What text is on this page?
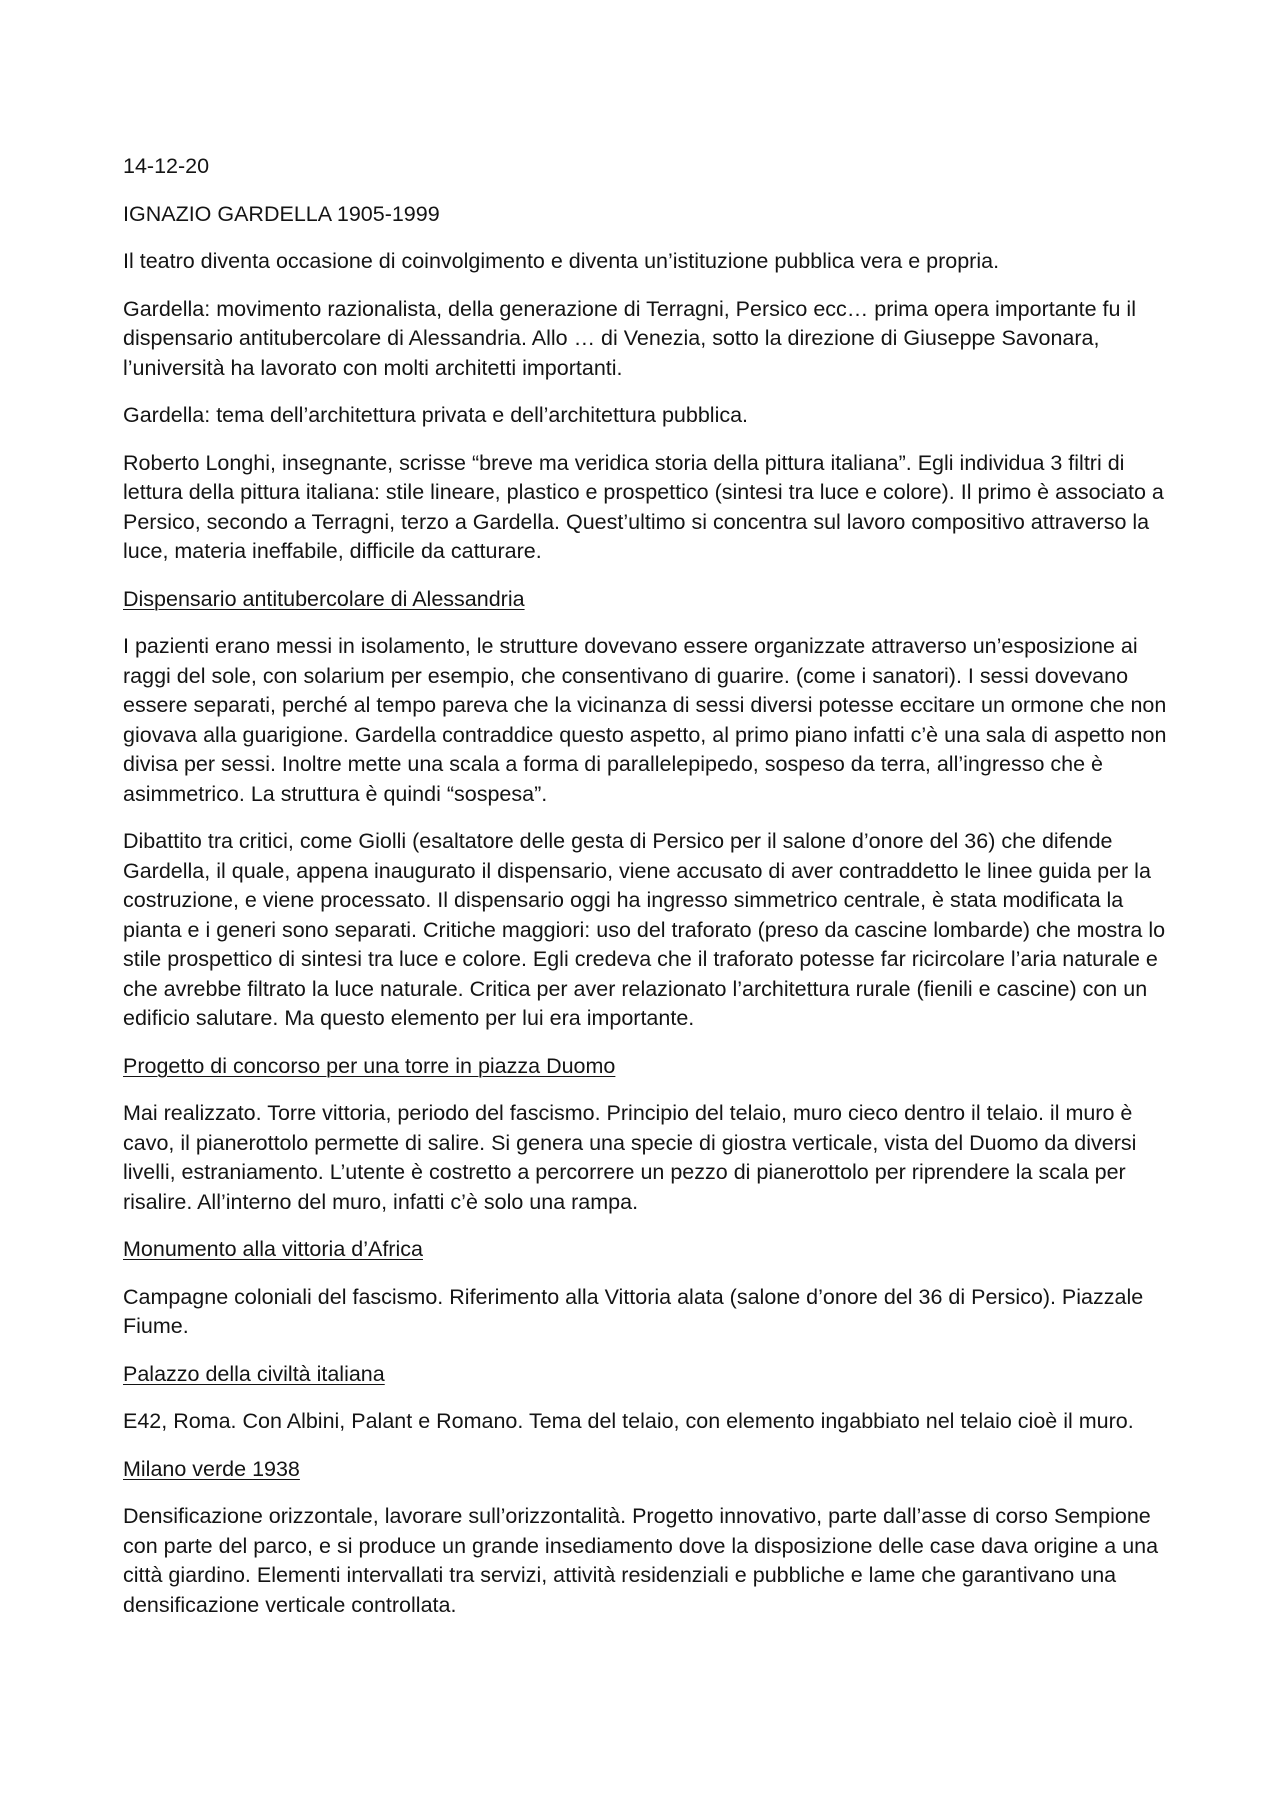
14-12-20

IGNAZIO GARDELLA 1905-1999

Il teatro diventa occasione di coinvolgimento e diventa un’istituzione pubblica vera e propria.

Gardella: movimento razionalista, della generazione di Terragni, Persico ecc… prima opera importante fu il dispensario antitubercolare di Alessandria. Allo … di Venezia, sotto la direzione di Giuseppe Savonara, l’università ha lavorato con molti architetti importanti.

Gardella: tema dell’architettura privata e dell’architettura pubblica.

Roberto Longhi, insegnante, scrisse “breve ma veridica storia della pittura italiana”. Egli individua 3 filtri di lettura della pittura italiana: stile lineare, plastico e prospettico (sintesi tra luce e colore). Il primo è associato a Persico, secondo a Terragni, terzo a Gardella. Quest’ultimo si concentra sul lavoro compositivo attraverso la luce, materia ineffabile, difficile da catturare.

Dispensario antitubercolare di Alessandria

I pazienti erano messi in isolamento, le strutture dovevano essere organizzate attraverso un’esposizione ai raggi del sole, con solarium per esempio, che consentivano di guarire. (come i sanatori). I sessi dovevano essere separati, perché al tempo pareva che la vicinanza di sessi diversi potesse eccitare un ormone che non giovava alla guarigione. Gardella contraddice questo aspetto, al primo piano infatti c’è una sala di aspetto non divisa per sessi. Inoltre mette una scala a forma di parallelepipedo, sospeso da terra, all’ingresso che è asimmetrico. La struttura è quindi “sospesa”.

Dibattito tra critici, come Giolli (esaltatore delle gesta di Persico per il salone d’onore del 36) che difende Gardella, il quale, appena inaugurato il dispensario, viene accusato di aver contraddetto le linee guida per la costruzione, e viene processato. Il dispensario oggi ha ingresso simmetrico centrale, è stata modificata la pianta e i generi sono separati. Critiche maggiori: uso del traforato (preso da cascine lombarde) che mostra lo stile prospettico di sintesi tra luce e colore. Egli credeva che il traforato potesse far ricircolare l’aria naturale e che avrebbe filtrato la luce naturale. Critica per aver relazionato l’architettura rurale (fienili e cascine) con un edificio salutare. Ma questo elemento per lui era importante.

Progetto di concorso per una torre in piazza Duomo

Mai realizzato. Torre vittoria, periodo del fascismo. Principio del telaio, muro cieco dentro il telaio. il muro è cavo, il pianerottolo permette di salire. Si genera una specie di giostra verticale, vista del Duomo da diversi livelli, estraniamento. L’utente è costretto a percorrere un pezzo di pianerottolo per riprendere la scala per risalire. All’interno del muro, infatti c’è solo una rampa.

Monumento alla vittoria d’Africa

Campagne coloniali del fascismo. Riferimento alla Vittoria alata (salone d’onore del 36 di Persico). Piazzale Fiume.

Palazzo della civiltà italiana

E42, Roma. Con Albini, Palant e Romano. Tema del telaio, con elemento ingabbiato nel telaio cioè il muro.

Milano verde 1938

Densificazione orizzontale, lavorare sull’orizzontalità. Progetto innovativo, parte dall’asse di corso Sempione con parte del parco, e si produce un grande insediamento dove la disposizione delle case dava origine a una città giardino. Elementi intervallati tra servizi, attività residenziali e pubbliche e lame che garantivano una densificazione verticale controllata.
